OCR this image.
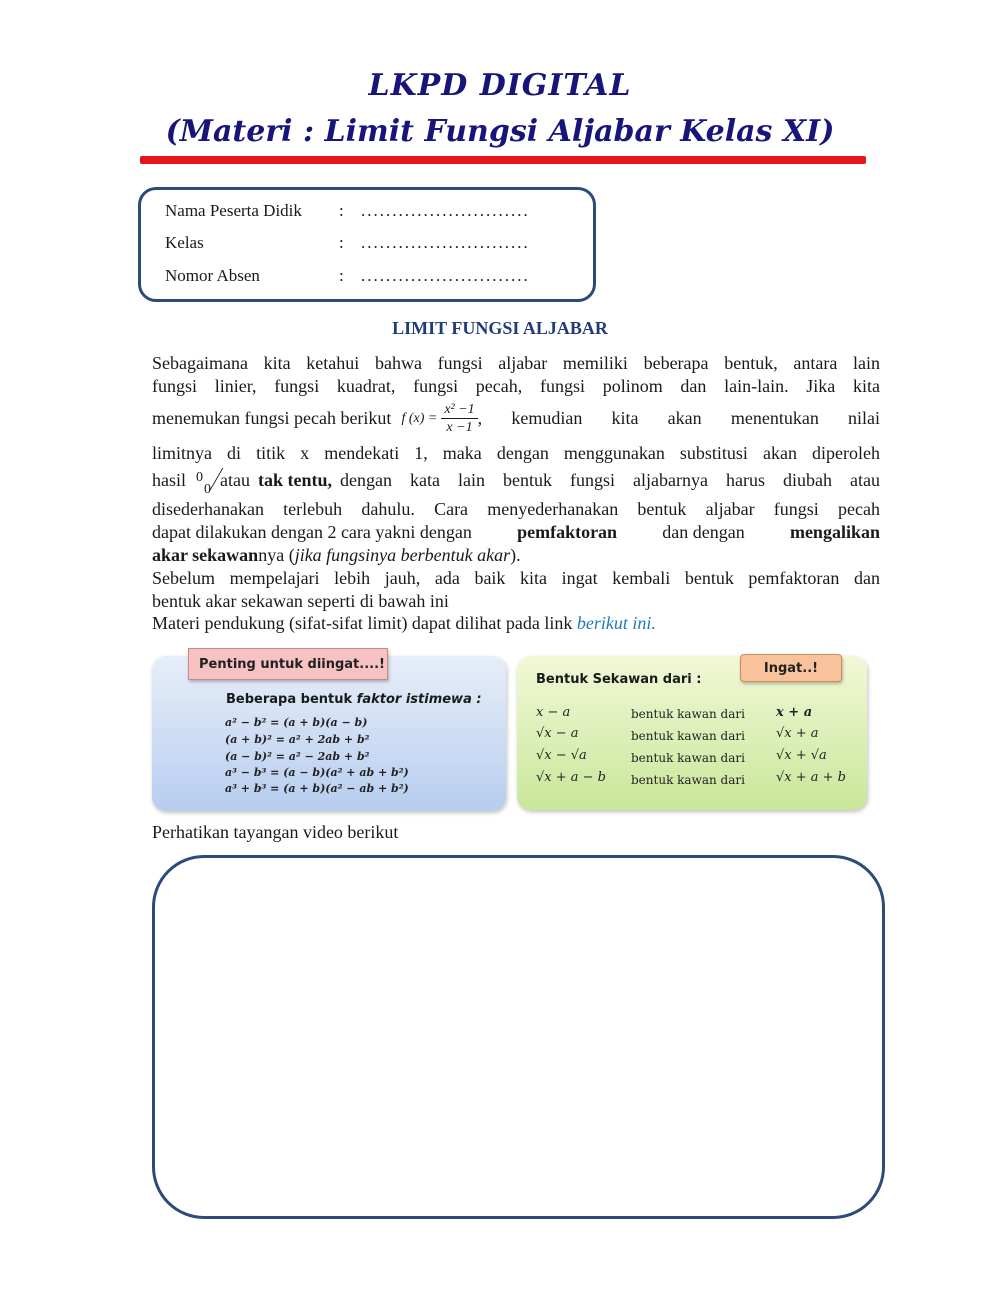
LKPD DIGITAL
(Materi : Limit Fungsi Aljabar Kelas XI)
Nama Peserta Didik : ...........................
Kelas	: ...........................
Nomor Absen	: ...........................
LIMIT FUNGSI ALJABAR
Sebagaimana kita ketahui bahwa fungsi aljabar memiliki beberapa bentuk, antara lain
fungsi linier, fungsi kuadrat, fungsi pecah, fungsi polinom dan lain-lain. Jika kita
menemukan fungsi pecah berikut f $(x) = \frac{\text{x² −1}}{x -1}$ , kemudian kita akan menentukan nilai
limitnya di titik x mendekati 1, maka dengan menggunakan substitusi akan diperoleh
hasil 0
0 atau tak tentu, dengan kata lain bentuk fungsi aljabarnya harus diubah atau
disederhanakan terlebuh dahulu. Cara menyederhanakan bentuk aljabar fungsi pecah
dapat dilakukan dengan 2 cara yakni dengan	pemfaktoran	dan dengan	mengalikan
akar sekawannya (jika fungsinya berbentuk akar).
Sebelum mempelajari lebih jauh, ada baik kita ingat kembali bentuk pemfaktoran dan
bentuk akar sekawan seperti di bawah ini
Materi pendukung (sifat-sifat limit) dapat dilihat pada link berikut ini.
Penting untuk diingat....!
Beberapa bentuk faktor istimewa :
a² − b² = (a + b)(a − b)
(a + b)² = a² + 2ab + b²
(a − b)² = a² − 2ab + b²
a³ − b³ = (a − b)(a² + ab + b²)
a³ + b³ = (a + b)(a² − ab + b²)
Ingat..!
Bentuk Sekawan dari :
x − a	bentuk kawan dari x + a
√x − a	bentuk kawan dari √x + a
√x − √a	bentuk kawan dari √x + √a
√x + a − b bentuk kawan dari √x + a + b
Perhatikan tayangan video berikut
